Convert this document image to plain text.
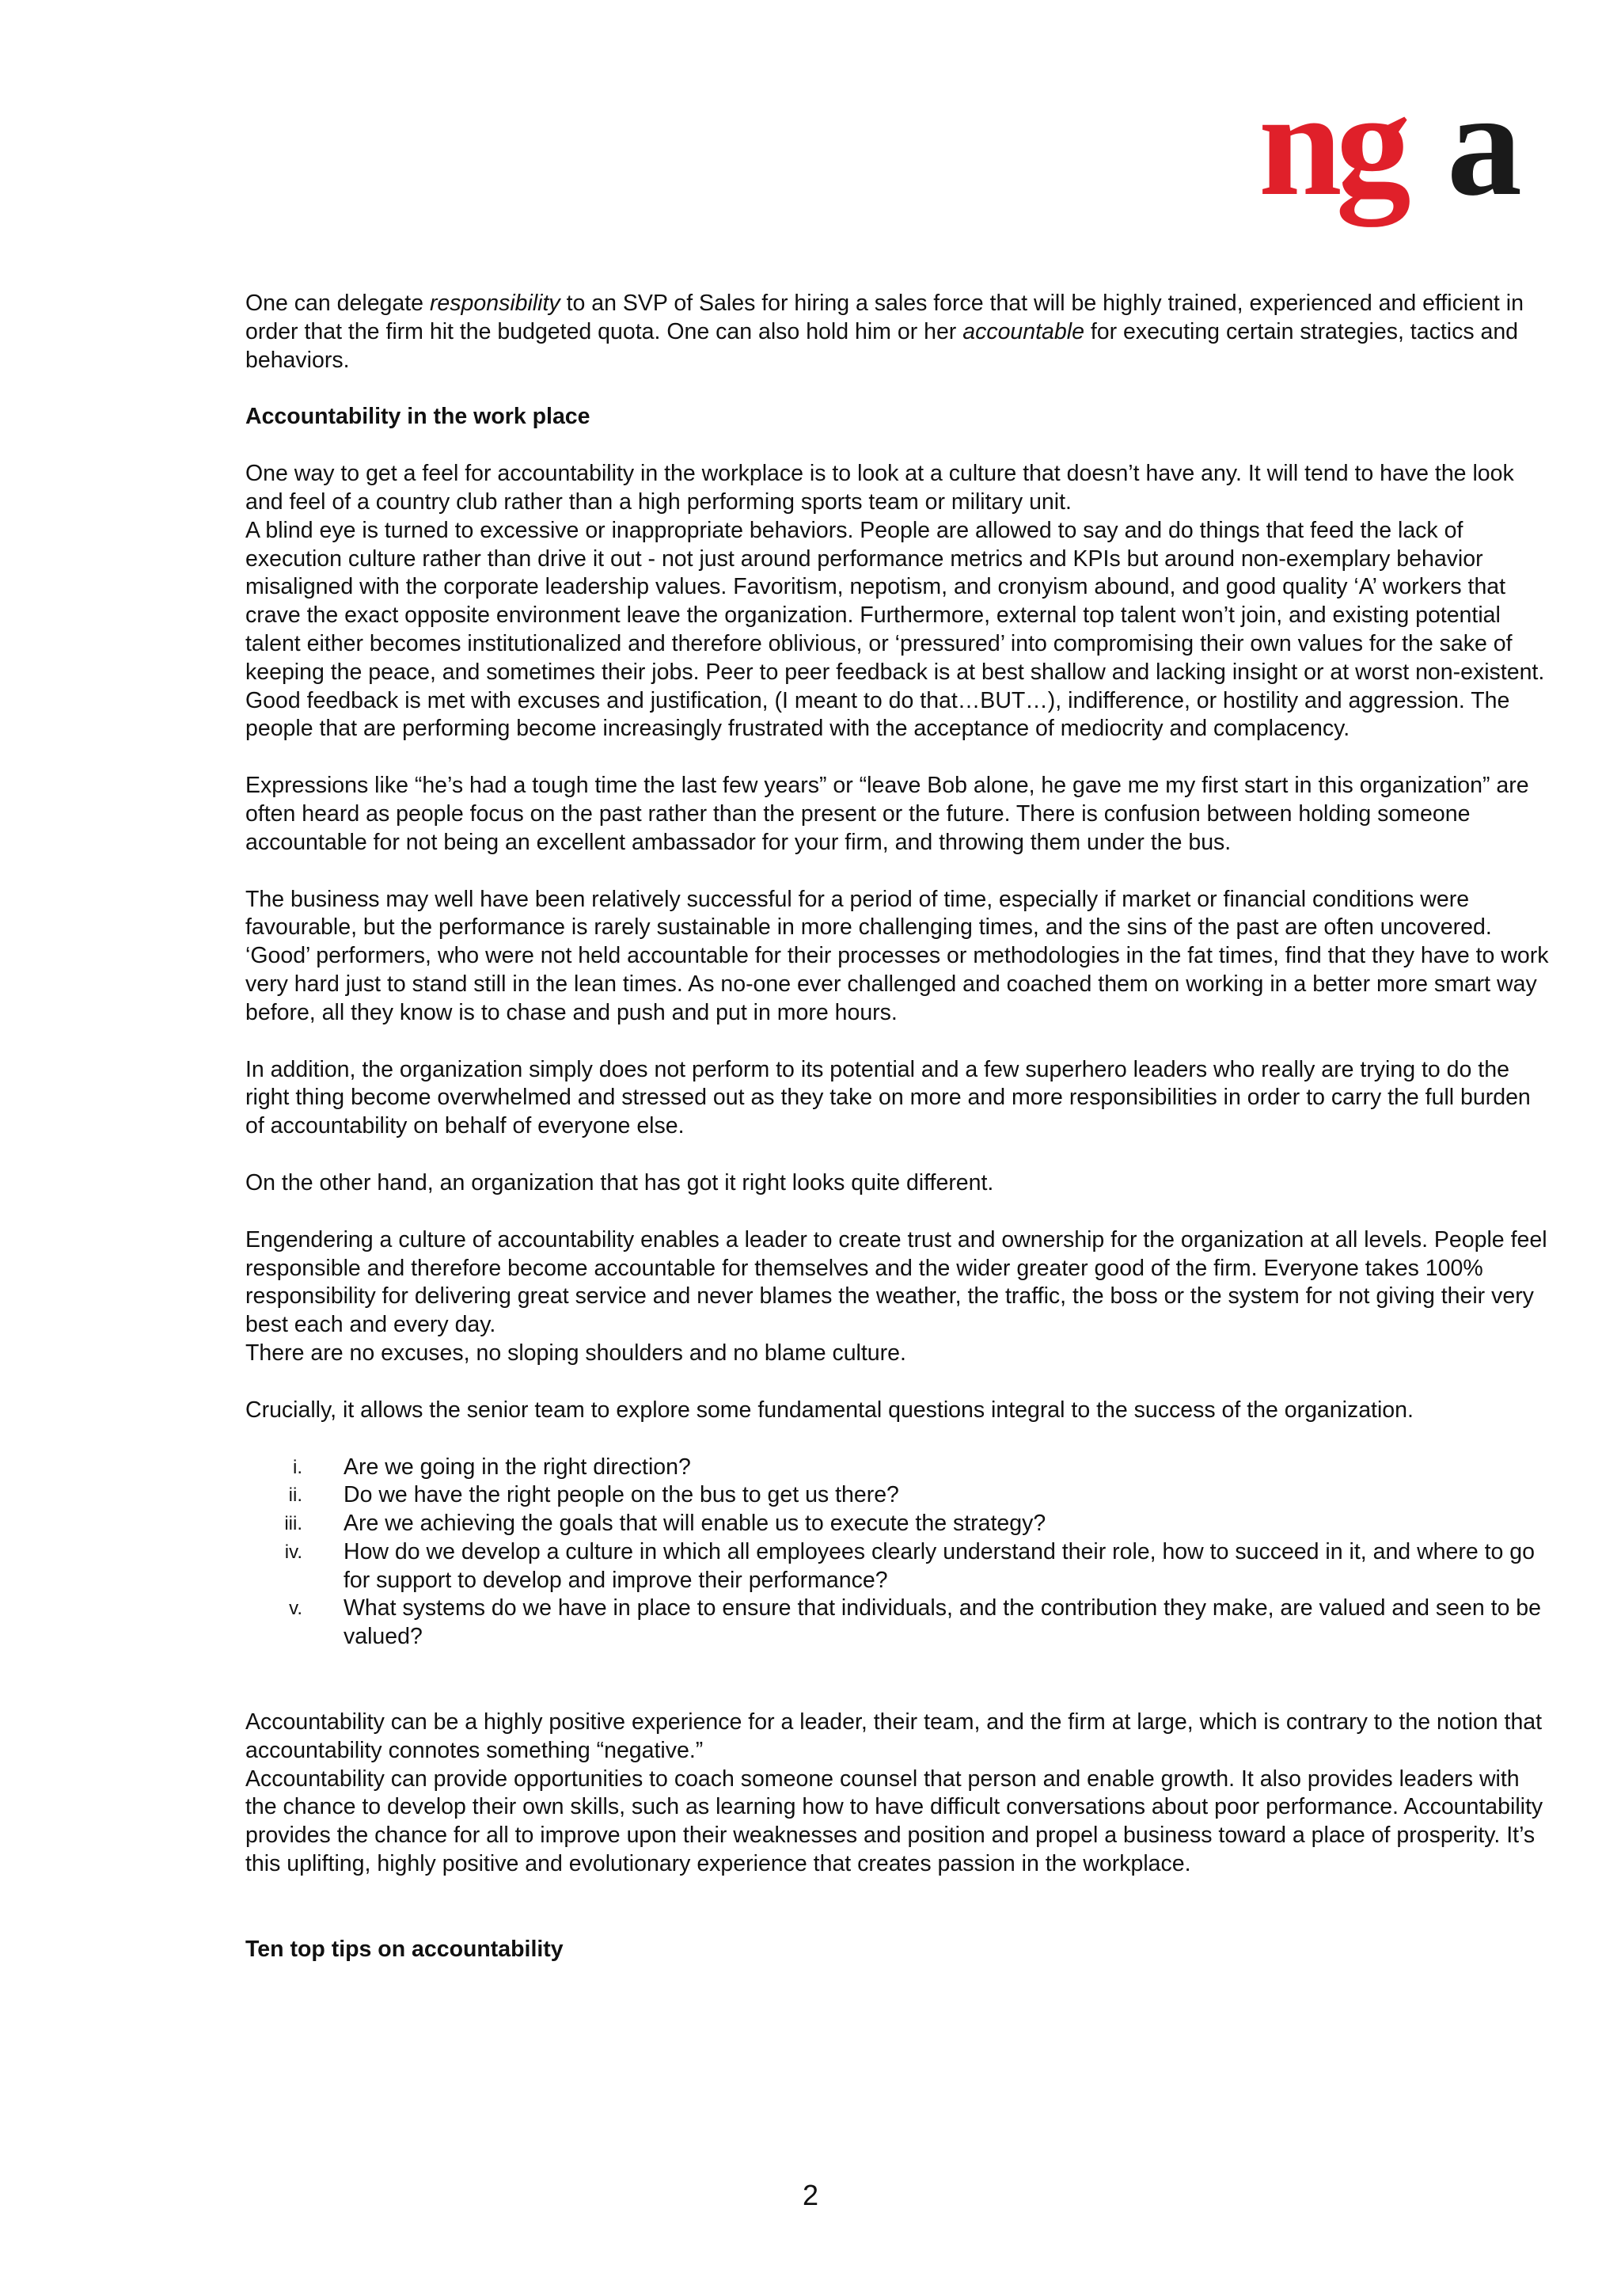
ng a

One can delegate responsibility to an SVP of Sales for hiring a sales force that will be highly trained, experienced and efficient in order that the firm hit the budgeted quota. One can also hold him or her accountable for executing certain strategies, tactics and behaviors.

Accountability in the work place

One way to get a feel for accountability in the workplace is to look at a culture that doesn’t have any. It will tend to have the look and feel of a country club rather than a high performing sports team or military unit.

A blind eye is turned to excessive or inappropriate behaviors. People are allowed to say and do things that feed the lack of execution culture rather than drive it out - not just around performance metrics and KPIs but around non-exemplary behavior misaligned with the corporate leadership values. Favoritism, nepotism, and cronyism abound, and good quality ‘A’ workers that crave the exact opposite environment leave the organization. Furthermore, external top talent won’t join, and existing potential talent either becomes institutionalized and therefore oblivious, or ‘pressured’ into compromising their own values for the sake of keeping the peace, and sometimes their jobs. Peer to peer feedback is at best shallow and lacking insight or at worst non-existent. Good feedback is met with excuses and justification, (I meant to do that…BUT…), indifference, or hostility and aggression. The people that are performing become increasingly frustrated with the acceptance of mediocrity and complacency.

Expressions like “he’s had a tough time the last few years” or “leave Bob alone, he gave me my first start in this organization” are often heard as people focus on the past rather than the present or the future. There is confusion between holding someone accountable for not being an excellent ambassador for your firm, and throwing them under the bus.

The business may well have been relatively successful for a period of time, especially if market or financial conditions were favourable, but the performance is rarely sustainable in more challenging times, and the sins of the past are often uncovered.

‘Good’ performers, who were not held accountable for their processes or methodologies in the fat times, find that they have to work very hard just to stand still in the lean times. As no-one ever challenged and coached them on working in a better more smart way before, all they know is to chase and push and put in more hours.

In addition, the organization simply does not perform to its potential and a few superhero leaders who really are trying to do the right thing become overwhelmed and stressed out as they take on more and more responsibilities in order to carry the full burden of accountability on behalf of everyone else.

On the other hand, an organization that has got it right looks quite different.

Engendering a culture of accountability enables a leader to create trust and ownership for the organization at all levels. People feel responsible and therefore become accountable for themselves and the wider greater good of the firm. Everyone takes 100% responsibility for delivering great service and never blames the weather, the traffic, the boss or the system for not giving their very best each and every day.

There are no excuses, no sloping shoulders and no blame culture.

Crucially, it allows the senior team to explore some fundamental questions integral to the success of the organization.

i. Are we going in the right direction?
ii. Do we have the right people on the bus to get us there?
iii. Are we achieving the goals that will enable us to execute the strategy?
iv. How do we develop a culture in which all employees clearly understand their role, how to succeed in it, and where to go for support to develop and improve their performance?
v. What systems do we have in place to ensure that individuals, and the contribution they make, are valued and seen to be valued?

Accountability can be a highly positive experience for a leader, their team, and the firm at large, which is contrary to the notion that accountability connotes something “negative.”

Accountability can provide opportunities to coach someone counsel that person and enable growth. It also provides leaders with the chance to develop their own skills, such as learning how to have difficult conversations about poor performance. Accountability provides the chance for all to improve upon their weaknesses and position and propel a business toward a place of prosperity. It’s this uplifting, highly positive and evolutionary experience that creates passion in the workplace.

Ten top tips on accountability

2
